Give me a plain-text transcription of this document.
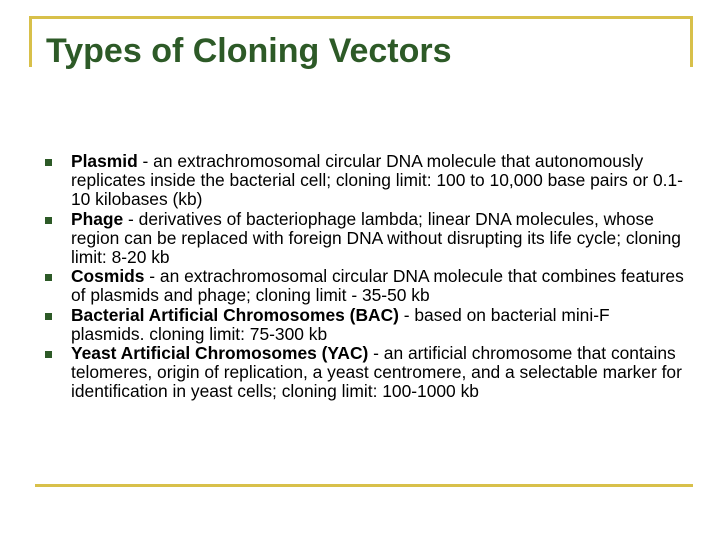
Types of Cloning Vectors
Plasmid - an extrachromosomal circular DNA molecule that autonomously replicates inside the bacterial cell; cloning limit: 100 to 10,000 base pairs or 0.1-10 kilobases (kb)
Phage - derivatives of bacteriophage lambda; linear DNA molecules, whose region can be replaced with foreign DNA without disrupting its life cycle; cloning limit: 8-20 kb
Cosmids - an extrachromosomal circular DNA molecule that combines features of plasmids and phage; cloning limit - 35-50 kb
Bacterial Artificial Chromosomes (BAC) - based on bacterial mini-F plasmids. cloning limit: 75-300 kb
Yeast Artificial Chromosomes (YAC) - an artificial chromosome that contains telomeres, origin of replication, a yeast centromere, and a selectable marker for identification in yeast cells; cloning limit: 100-1000 kb
